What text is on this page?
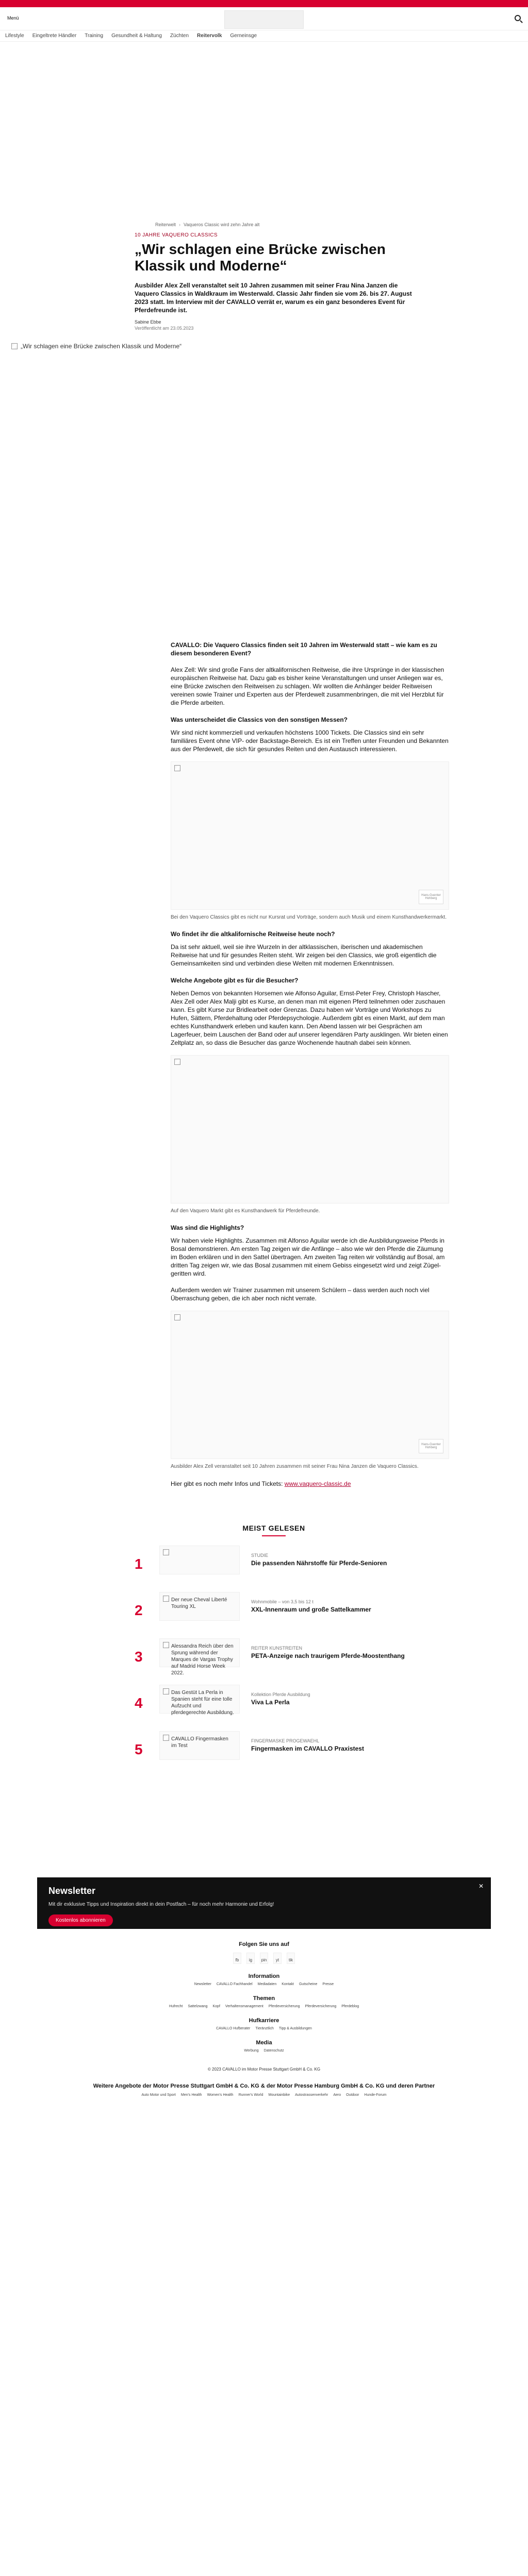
Menü
Lifestyle Eingeltrete Händler Training Gesundheit & Haltung Züchten Reitervolk Gerneinsge
Reiterwelt › Vaqueros Classic wird zehn Jahre alt
10 JAHRE VAQUERO CLASSICS
„Wir schlagen eine Brücke zwischen Klassik und Moderne“
Ausbilder Alex Zell veranstaltet seit 10 Jahren zusammen mit seiner Frau Nina Janzen die Vaquero Classics in Waldkraum im Westerwald. Classic Jahr finden sie vom 26. bis 27. August 2023 statt. Im Interview mit der CAVALLO verrät er, warum es ein ganz besonderes Event für Pferdefreunde ist.
Sabine Ebbe
Veröffentlicht am 23.05.2023
„Wir schlagen eine Brücke zwischen Klassik und Moderne“

CAVALLO: Die Vaquero Classics finden seit 10 Jahren im Westerwald statt – wie kam es zu diesem besonderen Event?

Alex Zell: Wir sind große Fans der altkalifornischen Reitweise, die ihre Ursprünge in der klassischen europäischen Reitweise hat. Dazu gab es bisher keine Veranstaltungen und unser Anliegen war es, eine Brücke zwischen den Reitweisen zu schlagen. Wir wollten die Anhänger beider Reitweisen vereinen sowie Trainer und Experten aus der Pferdewelt zusammenbringen, die mit viel Herzblut für die Pferde arbeiten.

Was unterscheidet die Classics von den sonstigen Messen?

Wir sind nicht kommerziell und verkaufen höchstens 1000 Tickets. Die Classics sind ein sehr familiäres Event ohne VIP- oder Backstage-Bereich. Es ist ein Treffen unter Freunden und Bekannten aus der Pferdewelt, die sich für gesundes Reiten und den Austausch interessieren.

Hans-Guenter Hohberg
Bei den Vaquero Classics gibt es nicht nur Kursrat und Vorträge, sondern auch Musik und einem Kunsthandwerkermarkt.
Wo findet ihr die altkalifornische Reitweise heute noch?

Da ist sehr aktuell, weil sie ihre Wurzeln in der altklassischen, iberischen und akademischen Reitweise hat und für gesundes Reiten steht. Wir zeigen bei den Classics, wie groß eigentlich die Gemeinsamkeiten sind und verbinden diese Welten mit modernen Erkenntnissen.

Welche Angebote gibt es für die Besucher?

Neben Demos von bekannten Horsemen wie Alfonso Aguilar, Ernst-Peter Frey, Christoph Hascher, Alex Zell oder Alex Malji gibt es Kurse, an denen man mit eigenen Pferd teilnehmen oder zuschauen kann. Es gibt Kurse zur Bridlearbeit oder Grenzas. Dazu haben wir Vorträge und Workshops zu Hufen, Sättern, Pferdehaltung oder Pferdepsychologie. Außerdem gibt es einen Markt, auf dem man echtes Kunsthandwerk erleben und kaufen kann. Den Abend lassen wir bei Gesprächen am Lagerfeuer, beim Lauschen der Band oder auf unserer legendären Party ausklingen. Wir bieten einen Zeltplatz an, so dass die Besucher das ganze Wochenende hautnah dabei sein können.

Auf den Vaquero Markt gibt es Kunsthandwerk für Pferdefreunde.
Was sind die Highlights?

Wir haben viele Highlights. Zusammen mit Alfonso Aguilar werde ich die Ausbildungsweise Pferds in Bosal demonstrieren. Am ersten Tag zeigen wir die Anfänge – also wie wir den Pferde die Zäumung im Boden erklären und in den Sattel übertragen. Am zweiten Tag reiten wir vollständig auf Bosal, am dritten Tag zeigen wir, wie das Bosal zusammen mit einem Gebiss eingesetzt wird und zeigt Zügel-geritten wird.

Außerdem werden wir Trainer zusammen mit unserem Schülern – dass werden auch noch viel Überraschung geben, die ich aber noch nicht verrate.

Hans-Guenter Hohberg
Ausbilder Alex Zell veranstaltet seit 10 Jahren zusammen mit seiner Frau Nina Janzen die Vaquero Classics.

Hier gibt es noch mehr Infos und Tickets: www.vaquero-classic.de

MEIST GELESEN
1
STUDIE
Die passenden Nährstoffe für Pferde-Senioren
2
Der neue Cheval Liberté Touring XL
Wohnmobile – von 3,5 bis 12 t
XXL-Innenraum und große Sattelkammer
3
Alessandra Reich über den Sprung während der Marques de Vargas Trophy auf Madrid Horse Week 2022.
REITER KUNSTREITEN
PETA-Anzeige nach traurigem Pferde-Moostenthang
4
Das Gestüt La Perla in Spanien steht für eine tolle Aufzucht und pferdegerechte Ausbildung.
Kollektion Pferde Ausbildung
Viva La Perla
5
CAVALLO Fingermasken im Test
FINGERMASKE PROGEWAEHL
Fingermasken im CAVALLO Praxistest
✕
Newsletter
Mit dir exklusive Tipps und Inspiration direkt in dein Postfach – für noch mehr Harmonie und Erfolg!
Kostenlos abonnieren
Folgen Sie uns auf
fb	ig	pin	yt	tik
Information
Newsletter CAVALLO Fachhandel Mediadaten Kontakt Gutscheine Presse
Themen
Hufrecht Sattelzwang Kopf Verhaltensmanagement Pferdeversicherung Pferdeversicherung Pferdeblog
Hufkarriere
CAVALLO Hufberater Tieränztlich Tipp & Ausbildungen
Media
Werbung Datenschutz
© 2023 CAVALLO im Motor Presse Stuttgart GmbH & Co. KG
Weitere Angebote der Motor Presse Stuttgart GmbH & Co. KG & der Motor Presse Hamburg GmbH & Co. KG und deren Partner
Auto Motor und Sport Men's Health Women's Health Runner's World Mountainbike Autostrassenverkehr Aero Outdoor Hunde-Forum
